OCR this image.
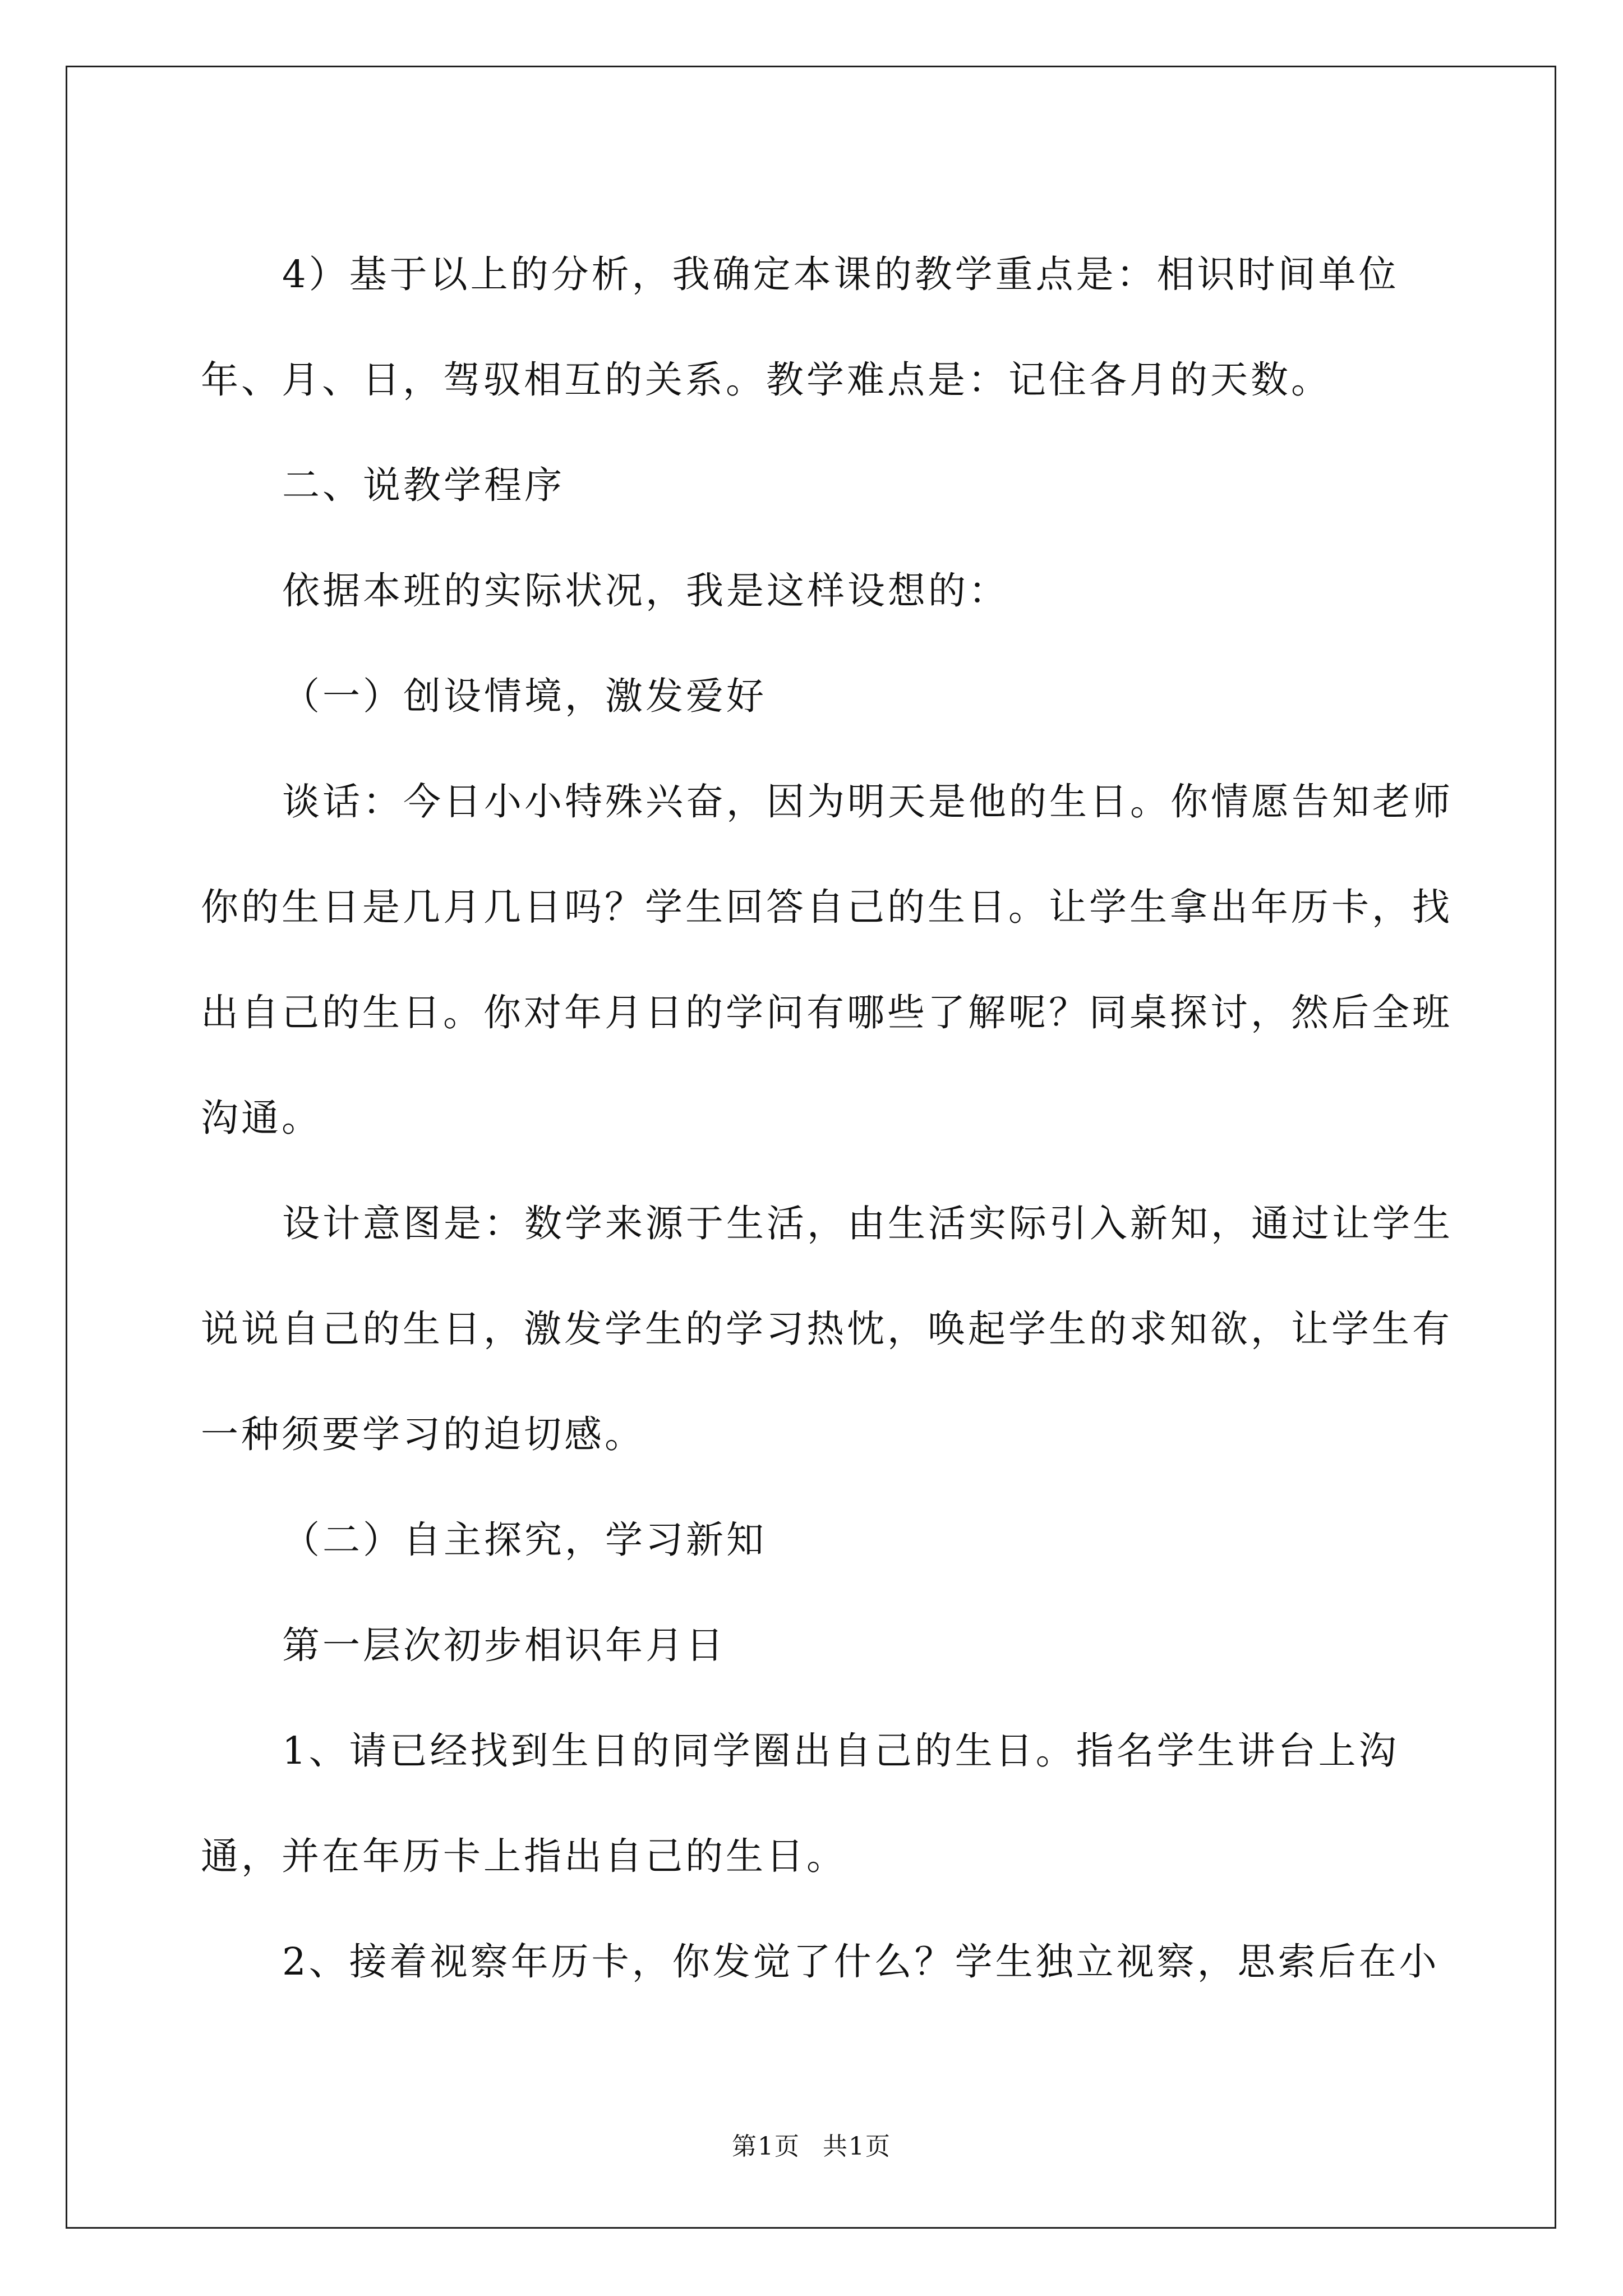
4）基于以上的分析，我确定本课的教学重点是：相识时间单位年、月、日，驾驭相互的关系。教学难点是：记住各月的天数。

二、说教学程序

依据本班的实际状况，我是这样设想的：

（一）创设情境，激发爱好

谈话：今日小小特殊兴奋，因为明天是他的生日。你情愿告知老师你的生日是几月几日吗？学生回答自己的生日。让学生拿出年历卡，找出自己的生日。你对年月日的学问有哪些了解呢？同桌探讨，然后全班沟通。

设计意图是：数学来源于生活，由生活实际引入新知，通过让学生说说自己的生日，激发学生的学习热忱，唤起学生的求知欲，让学生有一种须要学习的迫切感。

（二）自主探究，学习新知

第一层次初步相识年月日

1、请已经找到生日的同学圈出自己的生日。指名学生讲台上沟通，并在年历卡上指出自己的生日。

2、接着视察年历卡，你发觉了什么？学生独立视察，思索后在小

第1页 共1页
